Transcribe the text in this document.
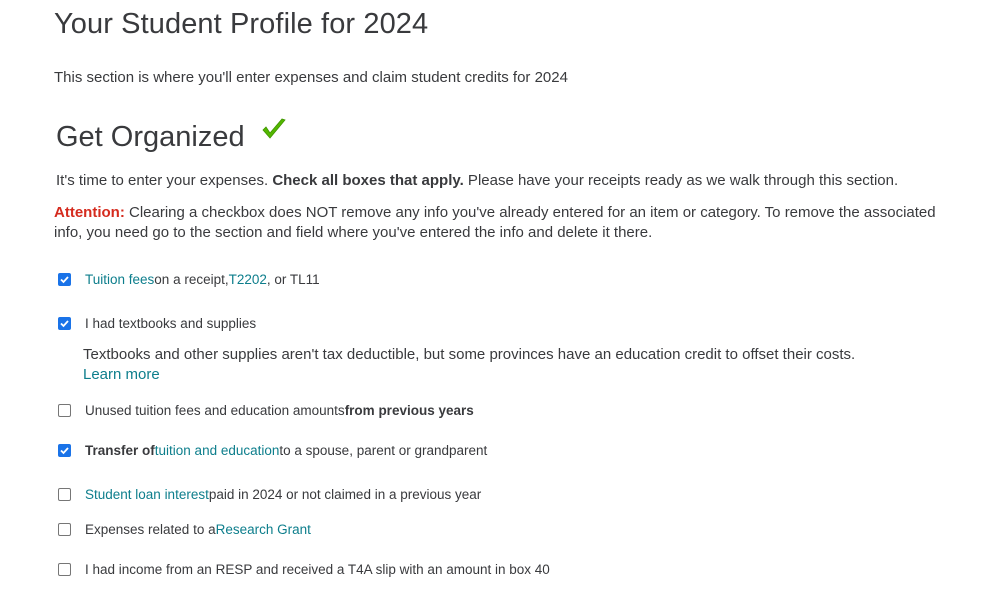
Your Student Profile for 2024
This section is where you'll enter expenses and claim student credits for 2024
Get Organized
It's time to enter your expenses. Check all boxes that apply. Please have your receipts ready as we walk through this section.
Attention: Clearing a checkbox does NOT remove any info you've already entered for an item or category. To remove the associated info, you need go to the section and field where you've entered the info and delete it there.
Tuition fees on a receipt, T2202 , or TL11
I had textbooks and supplies
Textbooks and other supplies aren't tax deductible, but some provinces have an education credit to offset their costs.
Learn more
Unused tuition fees and education amounts from previous years
Transfer of tuition and education to a spouse, parent or grandparent
Student loan interest paid in 2024 or not claimed in a previous year
Expenses related to a Research Grant
I had income from an RESP and received a T4A slip with an amount in box 40
